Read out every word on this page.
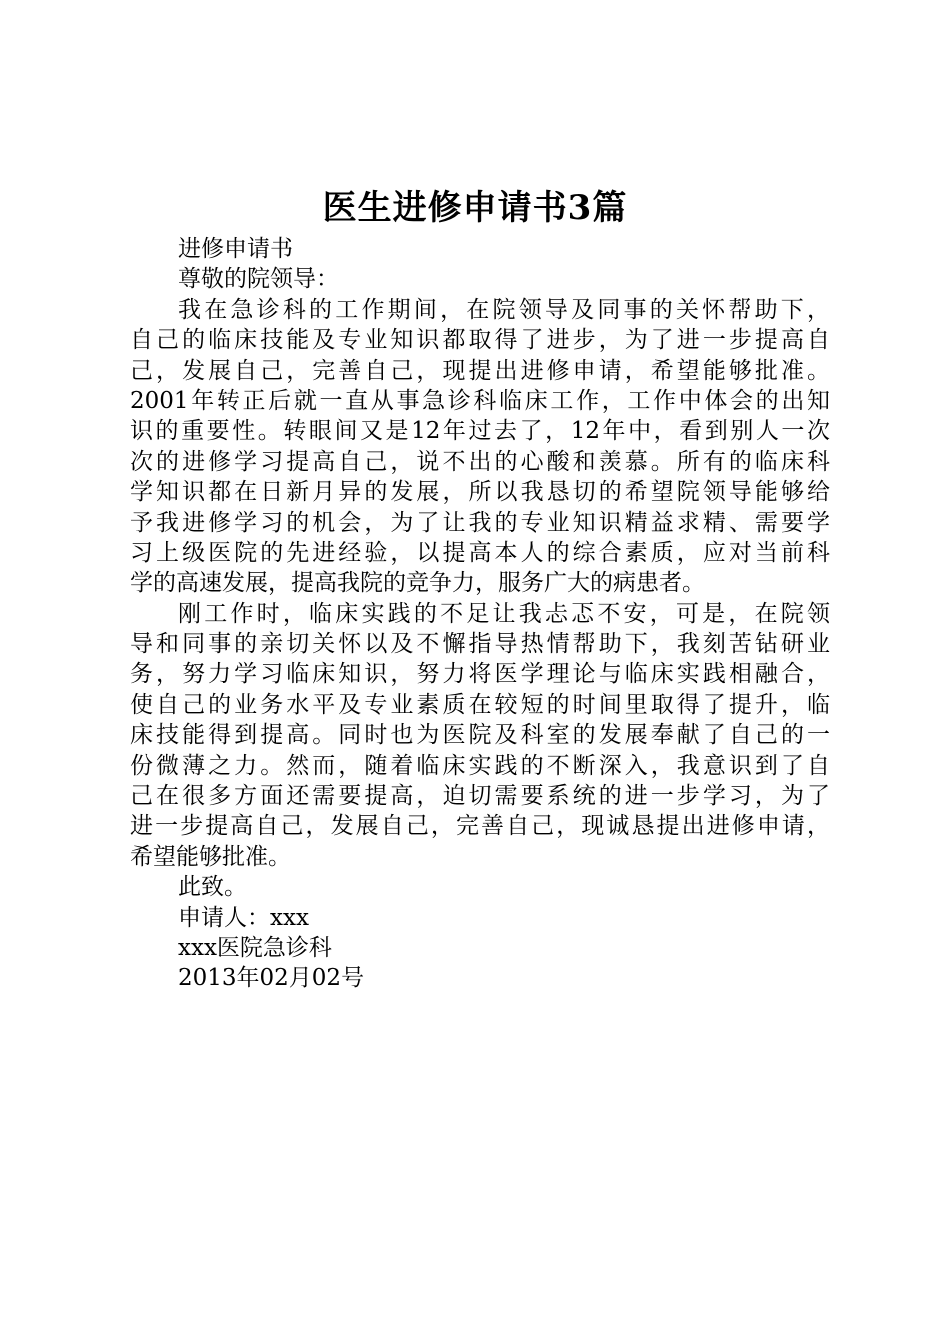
医生进修申请书3篇
进修申请书
尊敬的院领导：
我在急诊科的工作期间，在院领导及同事的关怀帮助下，
自己的临床技能及专业知识都取得了进步，为了进一步提高自
己，发展自己，完善自己，现提出进修申请，希望能够批准。
2001年转正后就一直从事急诊科临床工作，工作中体会的出知
识的重要性。转眼间又是12年过去了，12年中，看到别人一次
次的进修学习提高自己，说不出的心酸和羡慕。所有的临床科
学知识都在日新月异的发展，所以我恳切的希望院领导能够给
予我进修学习的机会，为了让我的专业知识精益求精、需要学
习上级医院的先进经验，以提高本人的综合素质，应对当前科
学的高速发展，提高我院的竞争力，服务广大的病患者。
刚工作时，临床实践的不足让我忐忑不安，可是，在院领
导和同事的亲切关怀以及不懈指导热情帮助下，我刻苦钻研业
务，努力学习临床知识，努力将医学理论与临床实践相融合，
使自己的业务水平及专业素质在较短的时间里取得了提升，临
床技能得到提高。同时也为医院及科室的发展奉献了自己的一
份微薄之力。然而，随着临床实践的不断深入，我意识到了自
己在很多方面还需要提高，迫切需要系统的进一步学习，为了
进一步提高自己，发展自己，完善自己，现诚恳提出进修申请，
希望能够批准。
此致。
申请人：xxx
xxx医院急诊科
2013年02月02号
